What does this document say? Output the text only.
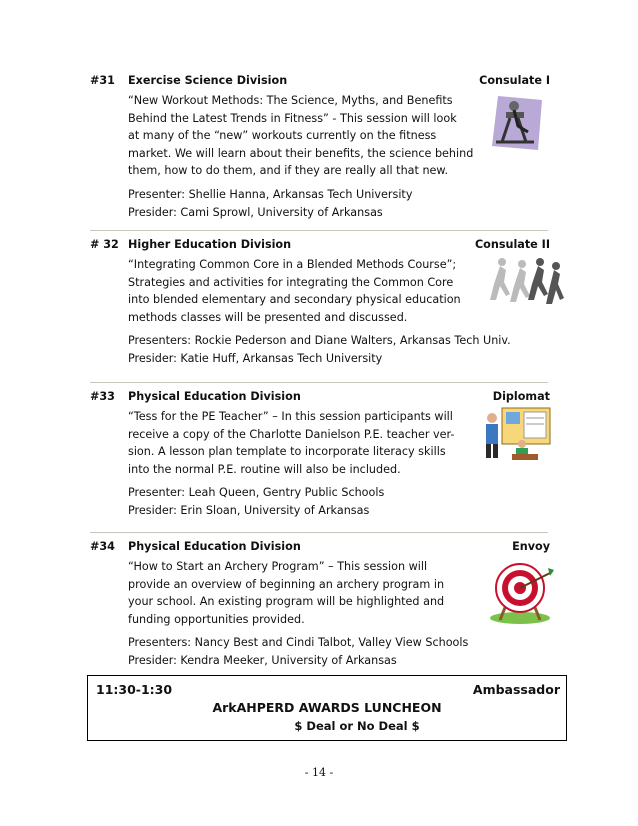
#31 Exercise Science Division	Consulate I
“New Workout Methods: The Science, Myths, and Benefits
Behind the Latest Trends in Fitness” - This session will look
at many of the “new” workouts currently on the fitness
market. We will learn about their benefits, the science behind
them, how to do them, and if they are really all that new.
Presenter: Shellie Hanna, Arkansas Tech University
Presider: Cami Sprowl, University of Arkansas
# 32 Higher Education Division	Consulate II
“Integrating Common Core in a Blended Methods Course”;
Strategies and activities for integrating the Common Core
into blended elementary and secondary physical education
methods classes will be presented and discussed.
Presenters: Rockie Pederson and Diane Walters, Arkansas Tech Univ.
Presider: Katie Huff, Arkansas Tech University
#33 Physical Education Division	Diplomat
“Tess for the PE Teacher” – In this session participants will
receive a copy of the Charlotte Danielson P.E. teacher ver-
sion. A lesson plan template to incorporate literacy skills
into the normal P.E. routine will also be included.
Presenter: Leah Queen, Gentry Public Schools
Presider: Erin Sloan, University of Arkansas
#34 Physical Education Division	Envoy
“How to Start an Archery Program” – This session will
provide an overview of beginning an archery program in
your school. An existing program will be highlighted and
funding opportunities provided.
Presenters: Nancy Best and Cindi Talbot, Valley View Schools
Presider: Kendra Meeker, University of Arkansas
11:30-1:30	Ambassador
ArkAHPERD AWARDS LUNCHEON
$ Deal or No Deal $
- 14 -
